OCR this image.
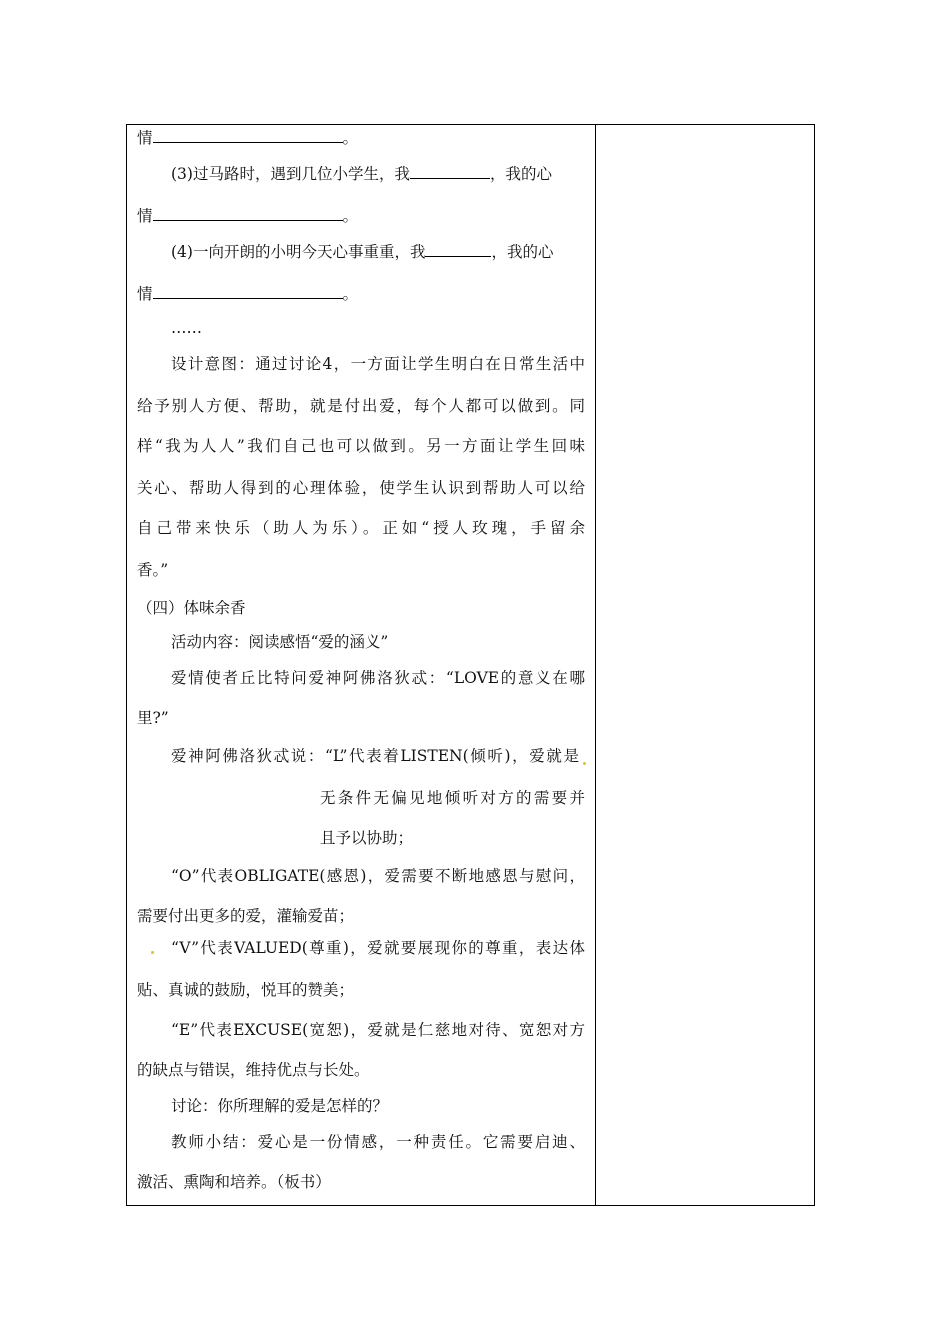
情	。
(3)过马路时，遇到几位小学生，我	，我的心
情	。
(4)一向开朗的小明今天心事重重，我	，我的心
情	。
……
设计意图：通过讨论4，一方面让学生明白在日常生活中
给予别人方便、帮助，就是付出爱，每个人都可以做到。同
样“我为人人”我们自己也可以做到。另一方面让学生回味
关心、帮助人得到的心理体验，使学生认识到帮助人可以给
自己带来快乐（助人为乐）。正如“授人玫瑰，手留余
香。”
（四）体味余香
活动内容：阅读感悟“爱的涵义”
爱情使者丘比特问爱神阿佛洛狄忒：“LOVE的意义在哪
里?”
爱神阿佛洛狄忒说：“L”代表着LISTEN(倾听)，爱就是
无条件无偏见地倾听对方的需要并
且予以协助；
“O”代表OBLIGATE(感恩)，爱需要不断地感恩与慰问，
需要付出更多的爱，灌输爱苗；
“V”代表VALUED(尊重)，爱就要展现你的尊重，表达体
贴、真诚的鼓励，悦耳的赞美；
“E”代表EXCUSE(宽恕)，爱就是仁慈地对待、宽恕对方
的缺点与错误，维持优点与长处。
讨论：你所理解的爱是怎样的？
教师小结：爱心是一份情感，一种责任。它需要启迪、
激活、熏陶和培养。（板书）
